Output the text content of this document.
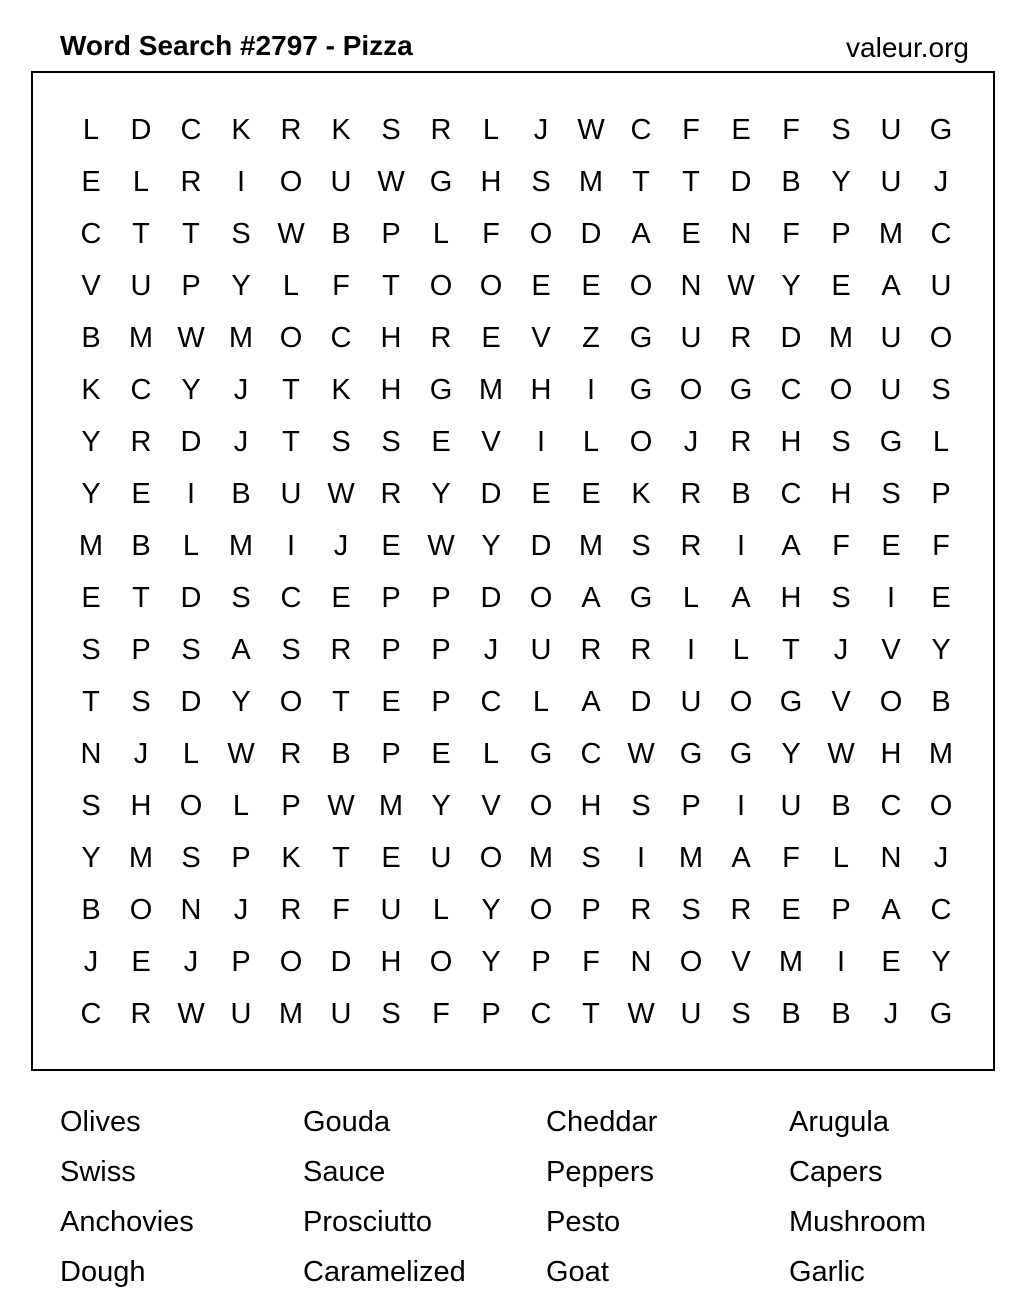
Word Search #2797 - Pizza	valeur.org
L	D	C	K	R	K	S	R	L	J	W C	F	E	F	S	U G
E	L	R	I	O U W G H	S M	T	T	D	B	Y	U	J
C	T	T	S W B	P	L	F	O D	A	E	N	F	P M C
V	U	P	Y	L	F	T	O O	E	E	O N W Y	E	A	U
B M W M O C	H	R	E	V	Z	G U	R	D M U O
K	C	Y	J	T	K	H G M H	I	G O G C O U	S
Y	R	D	J	T	S	S	E	V	I	L	O	J	R	H	S	G	L
Y	E	I	B	U W R	Y	D	E	E	K	R	B	C	H	S	P
M B	L	M	I	J	E W Y	D M S	R	I	A	F	E	F
E	T	D	S	C	E	P	P	D O	A	G	L	A	H	S	I	E
S	P	S	A	S	R	P	P	J	U	R	R	I	L	T	J	V	Y
T	S	D	Y	O	T	E	P	C	L	A	D	U O G	V	O	B
N	J	L W R	B	P	E	L	G C W G G	Y W H M
S	H O	L	P W M Y	V	O H	S	P	I	U	B	C O
Y M S	P	K	T	E	U O M S	I	M A	F	L	N	J
B	O N	J	R	F	U	L	Y	O	P	R	S	R	E	P	A	C
J	E	J	P	O D	H O	Y	P	F	N O	V M	I	E	Y
C	R W U M U	S	F	P	C	T W U	S	B	B	J	G
Olives	Gouda	Cheddar	Arugula
Swiss	Sauce	Peppers	Capers
Anchovies	Prosciutto	Pesto	Mushroom
Dough	Caramelized	Goat	Garlic
